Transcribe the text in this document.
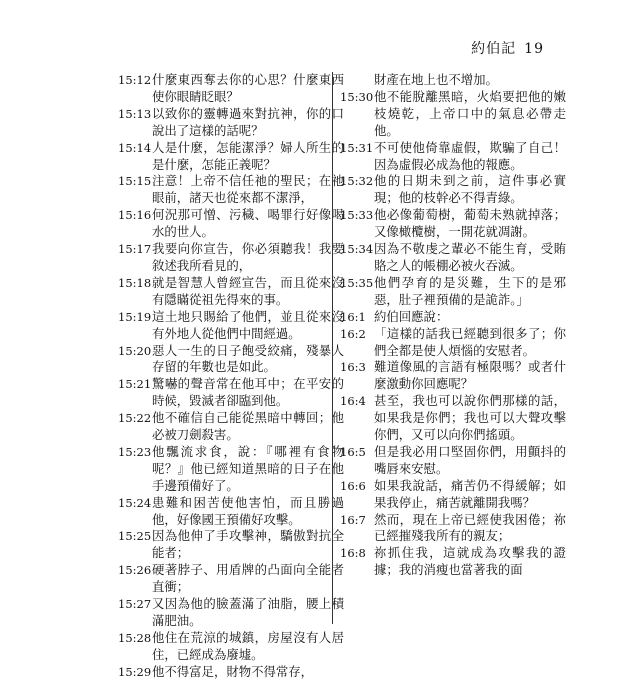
約伯記 19
15:12 什麼東西奪去你的心思？什麼東西使你眼睛眨眼？
15:13 以致你的靈轉過來對抗神，你的口說出了這樣的話呢？
15:14 人是什麼，怎能潔淨？婦人所生的是什麼，怎能正義呢？
15:15 注意！上帝不信任祂的聖民；在祂眼前，諸天也從來都不潔淨，
15:16 何況那可憎、污穢、喝罪行好像喝水的世人。
15:17 我要向你宣告，你必須聽我！我要敘述我所看見的，
15:18 就是智慧人曾經宣告，而且從來沒有隱瞞從祖先得來的事。
15:19 這土地只賜給了他們，並且從來沒有外地人從他們中間經過。
15:20 惡人一生的日子飽受絞痛，殘暴人存留的年數也是如此。
15:21 驚嚇的聲音常在他耳中；在平安的時候，毀滅者卻臨到他。
15:22 他不確信自己能從黑暗中轉回；他必被刀劍殺害。
15:23 他飄流求食，說：『哪裡有食物呢？』他已經知道黑暗的日子在他手邊預備好了。
15:24 患難和困苦使他害怕，而且勝過他，好像國王預備好攻擊。
15:25 因為他伸了手攻擊神，驕傲對抗全能者；
15:26 硬著脖子、用盾牌的凸面向全能者直衝；
15:27 又因為他的臉蓋滿了油脂，腰上積滿肥油。
15:28 他住在荒涼的城鎮，房屋沒有人居住，已經成為廢墟。
15:29 他不得富足，財物不得常存，
財產在地上也不增加。
15:30 他不能脫離黑暗，火焰要把他的嫩枝燒乾，上帝口中的氣息必帶走他。
15:31 不可使他倚靠虛假，欺騙了自己！因為虛假必成為他的報應。
15:32 他的日期未到之前，這件事必實現；他的枝幹必不得青綠。
15:33 他必像葡萄樹，葡萄未熟就掉落；又像橄欖樹，一開花就凋謝。
15:34 因為不敬虔之輩必不能生育，受賄賂之人的帳棚必被火吞滅。
15:35 他們孕育的是災難，生下的是邪惡，肚子裡預備的是詭詐。」
16:1 約伯回應說：
16:2 「這樣的話我已經聽到很多了；你們全都是使人煩惱的安慰者。
16:3 難道像風的言語有極限嗎？或者什麼激動你回應呢？
16:4 甚至，我也可以說你們那樣的話，如果我是你們；我也可以大聲攻擊你們，又可以向你們搖頭。
16:5 但是我必用口堅固你們，用顫抖的嘴唇來安慰。
16:6 如果我說話，痛苦仍不得緩解；如果我停止，痛苦就離開我嗎？
16:7 然而，現在上帝已經使我困倦；祢已經摧殘我所有的親友；
16:8 祢抓住我，這就成為攻擊我的證據；我的消瘦也當著我的面
